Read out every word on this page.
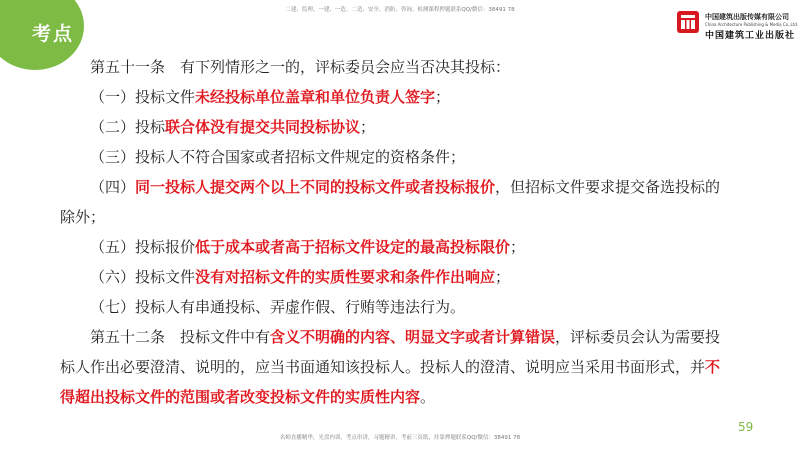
考点
二建、监理、一建、一造、二造、安全、消防、咨询、检测课程押题联系QQ/微信：38491 78
中国建筑出版传媒有限公司
China Architecture Publishing & Media Co.,Ltd.
中国建筑工业出版社

第五十一条　有下列情形之一的，评标委员会应当否决其投标：

（一）投标文件未经投标单位盖章和单位负责人签字；

（二）投标联合体没有提交共同投标协议；

（三）投标人不符合国家或者招标文件规定的资格条件；

（四）同一投标人提交两个以上不同的投标文件或者投标报价，但招标文件要求提交备选投标的除外；

（五）投标报价低于成本或者高于招标文件设定的最高投标限价；

（六）投标文件没有对招标文件的实质性要求和条件作出响应；

（七）投标人有串通投标、弄虚作假、行贿等违法行为。

第五十二条　投标文件中有含义不明确的内容、明显文字或者计算错误，评标委员会认为需要投标人作出必要澄清、说明的，应当书面通知该投标人。投标人的澄清、说明应当采用书面形式，并不得超出投标文件的范围或者改变投标文件的实质性内容。

59
名师直播精华，光盘内训，考点串讲，习题精讲，考前三页纸，挂靠押题联系QQ/微信：38491 78
